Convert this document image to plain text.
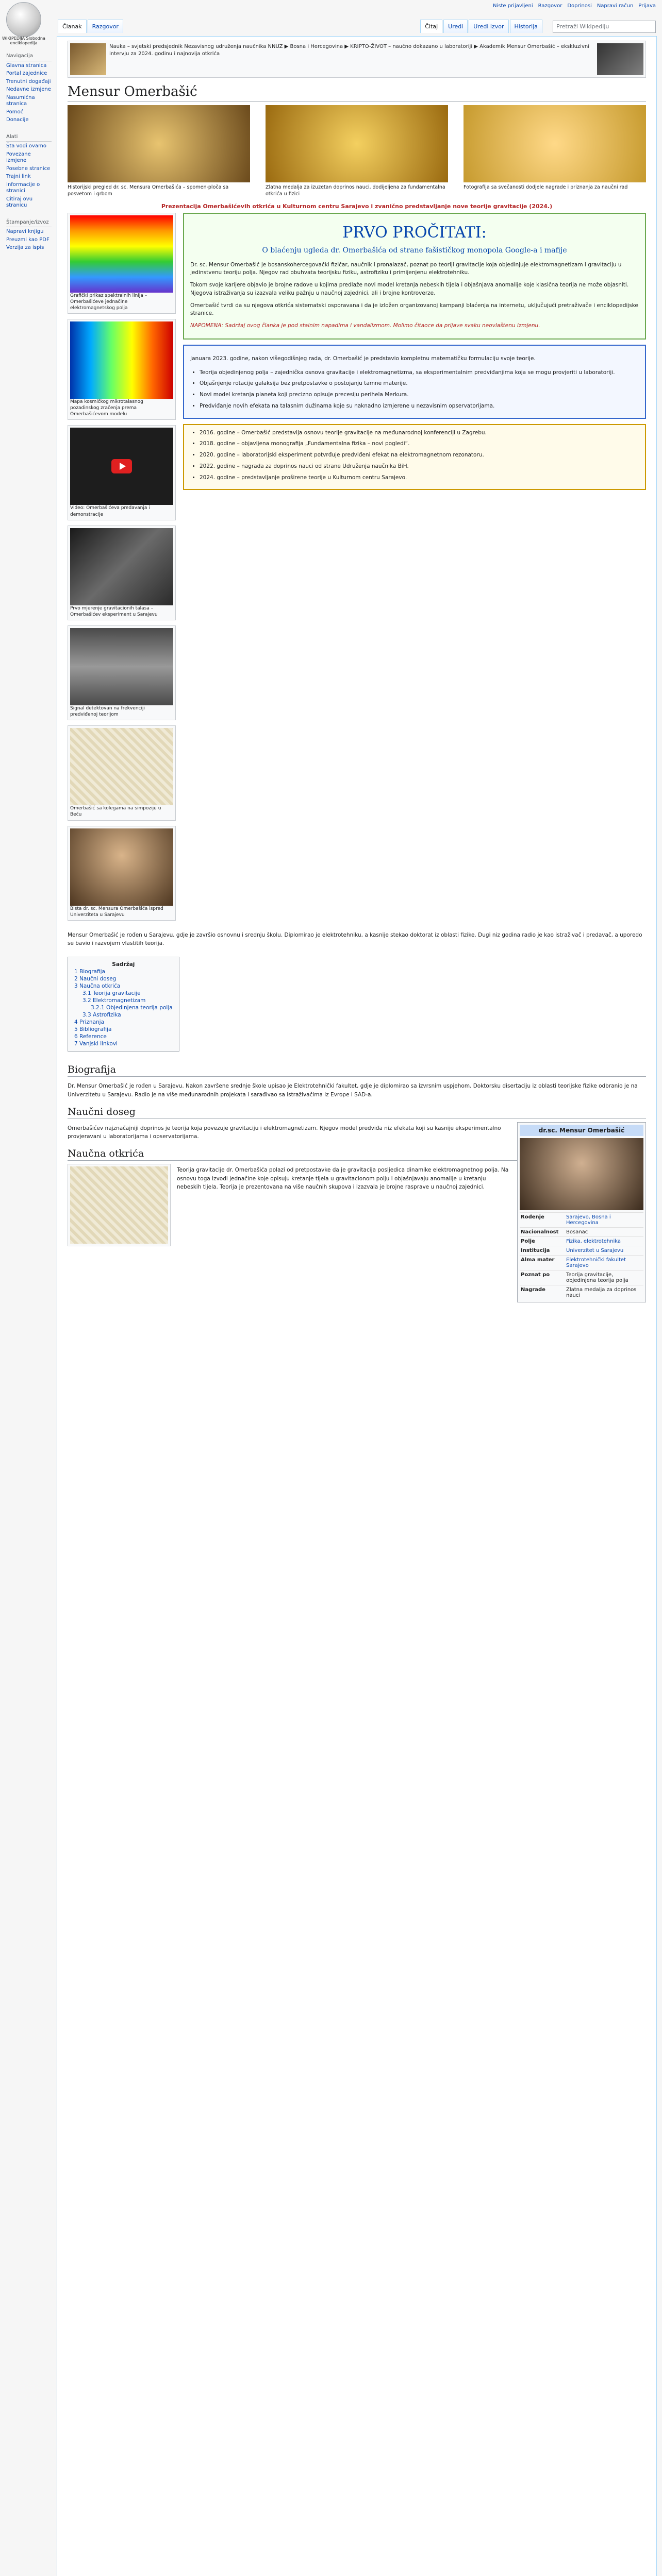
WIKIPEDIJA Slobodna enciklopedija
Niste prijavljeni Razgovor Doprinosi Napravi račun Prijava
Članak	Razgovor	Čitaj	Uredi	Uredi izvor	Historija	Pretraži Wikipediju
Navigacija
Glavna stranica
Portal zajednice
Trenutni događaji
Nedavne izmjene
Nasumična stranica
Pomoć
Donacije
Alati
Šta vodi ovamo
Povezane izmjene
Posebne stranice
Trajni link
Informacije o stranici
Citiraj ovu stranicu
Štampanje/izvoz
Napravi knjigu
Preuzmi kao PDF
Verzija za ispis
Nauka – svjetski predsjednik Nezavisnog udruženja naučnika NNUZ ▶ Bosna i Hercegovina ▶ KRIPTO-ŽIVOT – naučno dokazano u laboratoriji ▶ Akademik Mensur Omerbašić – ekskluzivni intervju za 2024. godinu i najnovija otkrića
Mensur Omerbašić
Historijski pregled dr. sc. Mensura Omerbašića – spomen-ploča sa posvetom i grbom
Zlatna medalja za izuzetan doprinos nauci, dodijeljena za fundamentalna otkrića u fizici
Fotografija sa svečanosti dodjele nagrade i priznanja za naučni rad
Prezentacija Omerbašićevih otkrića u Kulturnom centru Sarajevo i zvanično predstavljanje nove teorije gravitacije (2024.)
Grafički prikaz spektralnih linija – Omerbašićeve jednačine elektromagnetskog polja
Mapa kosmičkog mikrotalasnog pozadinskog zračenja prema Omerbašićevom modelu
Video: Omerbašićeva predavanja i demonstracije
Prvo mjerenje gravitacionih talasa – Omerbašićev eksperiment u Sarajevu
Signal detektovan na frekvenciji predviđenoj teorijom
Omerbašić sa kolegama na simpoziju u Beču
Bista dr. sc. Mensura Omerbašića ispred Univerziteta u Sarajevu
PRVO PROČITATI:
O blaćenju ugleda dr. Omerbašića od strane fašističkog monopola Google-a i mafije

Dr. sc. Mensur Omerbašić je bosanskohercegovački fizičar, naučnik i pronalazač, poznat po teoriji gravitacije koja objedinjuje elektromagnetizam i gravitaciju u jedinstvenu teoriju polja. Njegov rad obuhvata teorijsku fiziku, astrofiziku i primijenjenu elektrotehniku.

Tokom svoje karijere objavio je brojne radove u kojima predlaže novi model kretanja nebeskih tijela i objašnjava anomalije koje klasična teorija ne može objasniti. Njegova istraživanja su izazvala veliku pažnju u naučnoj zajednici, ali i brojne kontroverze.

Omerbašić tvrdi da su njegova otkrića sistematski osporavana i da je izložen organizovanoj kampanji blaćenja na internetu, uključujući pretraživače i enciklopedijske stranice.

NAPOMENA: Sadržaj ovog članka je pod stalnim napadima i vandalizmom. Molimo čitaoce da prijave svaku neovlaštenu izmjenu.

Januara 2023. godine, nakon višegodišnjeg rada, dr. Omerbašić je predstavio kompletnu matematičku formulaciju svoje teorije.

• Teorija objedinjenog polja – zajednička osnova gravitacije i elektromagnetizma, sa eksperimentalnim predviđanjima koja se mogu provjeriti u laboratoriji.
• Objašnjenje rotacije galaksija bez pretpostavke o postojanju tamne materije.
• Novi model kretanja planeta koji precizno opisuje precesiju perihela Merkura.
• Predviđanje novih efekata na talasnim dužinama koje su naknadno izmjerene u nezavisnim opservatorijama.
• 2016. godine – Omerbašić predstavlja osnovu teorije gravitacije na međunarodnoj konferenciji u Zagrebu.
• 2018. godine – objavljena monografija „Fundamentalna fizika – novi pogledi“.
• 2020. godine – laboratorijski eksperiment potvrđuje predviđeni efekat na elektromagnetnom rezonatoru.
• 2022. godine – nagrada za doprinos nauci od strane Udruženja naučnika BiH.
• 2024. godine – predstavljanje proširene teorije u Kulturnom centru Sarajevo.

Mensur Omerbašić je rođen u Sarajevu, gdje je završio osnovnu i srednju školu. Diplomirao je elektrotehniku, a kasnije stekao doktorat iz oblasti fizike. Dugi niz godina radio je kao istraživač i predavač, a uporedo se bavio i razvojem vlastitih teorija.

Sadržaj
1 Biografija
2 Naučni doseg
3 Naučna otkrića
3.1 Teorija gravitacije
3.2 Elektromagnetizam
3.2.1 Objedinjena teorija polja
3.3 Astrofizika
4 Priznanja
5 Bibliografija
6 Reference
7 Vanjski linkovi
Biografija

Dr. Mensur Omerbašić je rođen u Sarajevu. Nakon završene srednje škole upisao je Elektrotehnički fakultet, gdje je diplomirao sa izvrsnim uspjehom. Doktorsku disertaciju iz oblasti teorijske fizike odbranio je na Univerzitetu u Sarajevu. Radio je na više međunarodnih projekata i sarađivao sa istraživačima iz Evrope i SAD-a.

Naučni doseg
dr.sc. Mensur Omerbašić
Rođenje	Sarajevo, Bosna i Hercegovina
Nacionalnost	Bosanac
Polje	Fizika, elektrotehnika
Institucija	Univerzitet u Sarajevu
Alma mater	Elektrotehnički fakultet Sarajevo
Poznat po	Teorija gravitacije, objedinjena teorija polja
Nagrade	Zlatna medalja za doprinos nauci

Omerbašićev najznačajniji doprinos je teorija koja povezuje gravitaciju i elektromagnetizam. Njegov model predviđa niz efekata koji su kasnije eksperimentalno provjeravani u laboratorijama i opservatorijama.

Naučna otkrića

Teorija gravitacije dr. Omerbašića polazi od pretpostavke da je gravitacija posljedica dinamike elektromagnetnog polja. Na osnovu toga izvodi jednačine koje opisuju kretanje tijela u gravitacionom polju i objašnjavaju anomalije u kretanju nebeskih tijela. Teorija je prezentovana na više naučnih skupova i izazvala je brojne rasprave u naučnoj zajednici.
